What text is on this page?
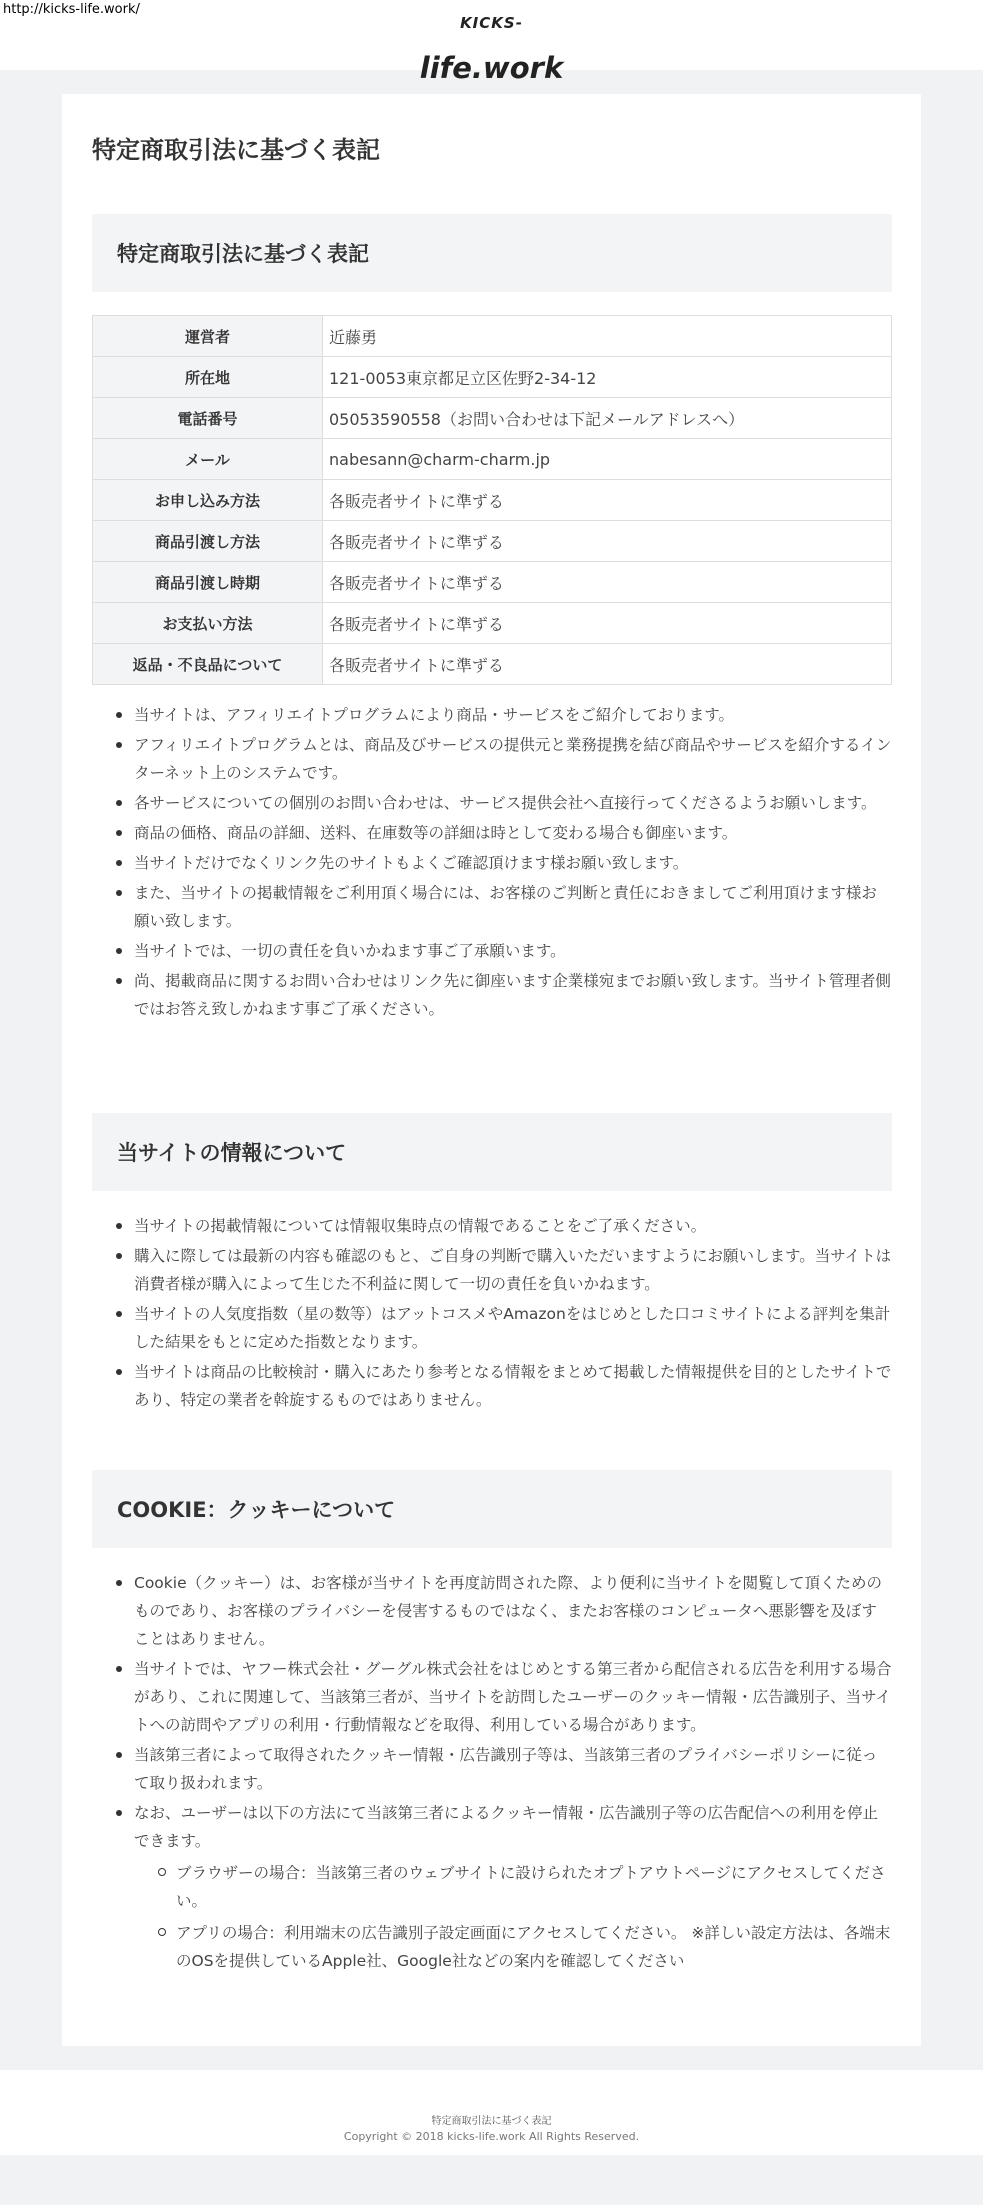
http://kicks-life.work/
KICKS-
life.work
特定商取引法に基づく表記
特定商取引法に基づく表記
運営者	近藤勇
所在地	121-0053東京都足立区佐野2-34-12
電話番号	05053590558（お問い合わせは下記メールアドレスへ）
メール	nabesann@charm-charm.jp
お申し込み方法	各販売者サイトに準ずる
商品引渡し方法	各販売者サイトに準ずる
商品引渡し時期	各販売者サイトに準ずる
お支払い方法	各販売者サイトに準ずる
返品・不良品について	各販売者サイトに準ずる
当サイトは、アフィリエイトプログラムにより商品・サービスをご紹介しております。
アフィリエイトプログラムとは、商品及びサービスの提供元と業務提携を結び商品やサービスを紹介するインターネット上のシステムです。
各サービスについての個別のお問い合わせは、サービス提供会社へ直接行ってくださるようお願いします。
商品の価格、商品の詳細、送料、在庫数等の詳細は時として変わる場合も御座います。
当サイトだけでなくリンク先のサイトもよくご確認頂けます様お願い致します。
また、当サイトの掲載情報をご利用頂く場合には、お客様のご判断と責任におきましてご利用頂けます様お願い致します。
当サイトでは、一切の責任を負いかねます事ご了承願います。
尚、掲載商品に関するお問い合わせはリンク先に御座います企業様宛までお願い致します。当サイト管理者側ではお答え致しかねます事ご了承ください。
当サイトの情報について
当サイトの掲載情報については情報収集時点の情報であることをご了承ください。
購入に際しては最新の内容も確認のもと、ご自身の判断で購入いただいますようにお願いします。当サイトは消費者様が購入によって生じた不利益に関して一切の責任を負いかねます。
当サイトの人気度指数（星の数等）はアットコスメやAmazonをはじめとした口コミサイトによる評判を集計した結果をもとに定めた指数となります。
当サイトは商品の比較検討・購入にあたり参考となる情報をまとめて掲載した情報提供を目的としたサイトであり、特定の業者を斡旋するものではありません。
COOKIE：クッキーについて
Cookie（クッキー）は、お客様が当サイトを再度訪問された際、より便利に当サイトを閲覧して頂くためのものであり、お客様のプライバシーを侵害するものではなく、またお客様のコンピュータへ悪影響を及ぼすことはありません。
当サイトでは、ヤフー株式会社・グーグル株式会社をはじめとする第三者から配信される広告を利用する場合があり、これに関連して、当該第三者が、当サイトを訪問したユーザーのクッキー情報・広告識別子、当サイトへの訪問やアプリの利用・行動情報などを取得、利用している場合があります。
当該第三者によって取得されたクッキー情報・広告識別子等は、当該第三者のプライバシーポリシーに従って取り扱われます。
なお、ユーザーは以下の方法にて当該第三者によるクッキー情報・広告識別子等の広告配信への利用を停止できます。
ブラウザーの場合：当該第三者のウェブサイトに設けられたオプトアウトページにアクセスしてください。
アプリの場合：利用端末の広告識別子設定画面にアクセスしてください。 ※詳しい設定方法は、各端末のOSを提供しているApple社、Google社などの案内を確認してください
特定商取引法に基づく表記
Copyright © 2018 kicks-life.work All Rights Reserved.
